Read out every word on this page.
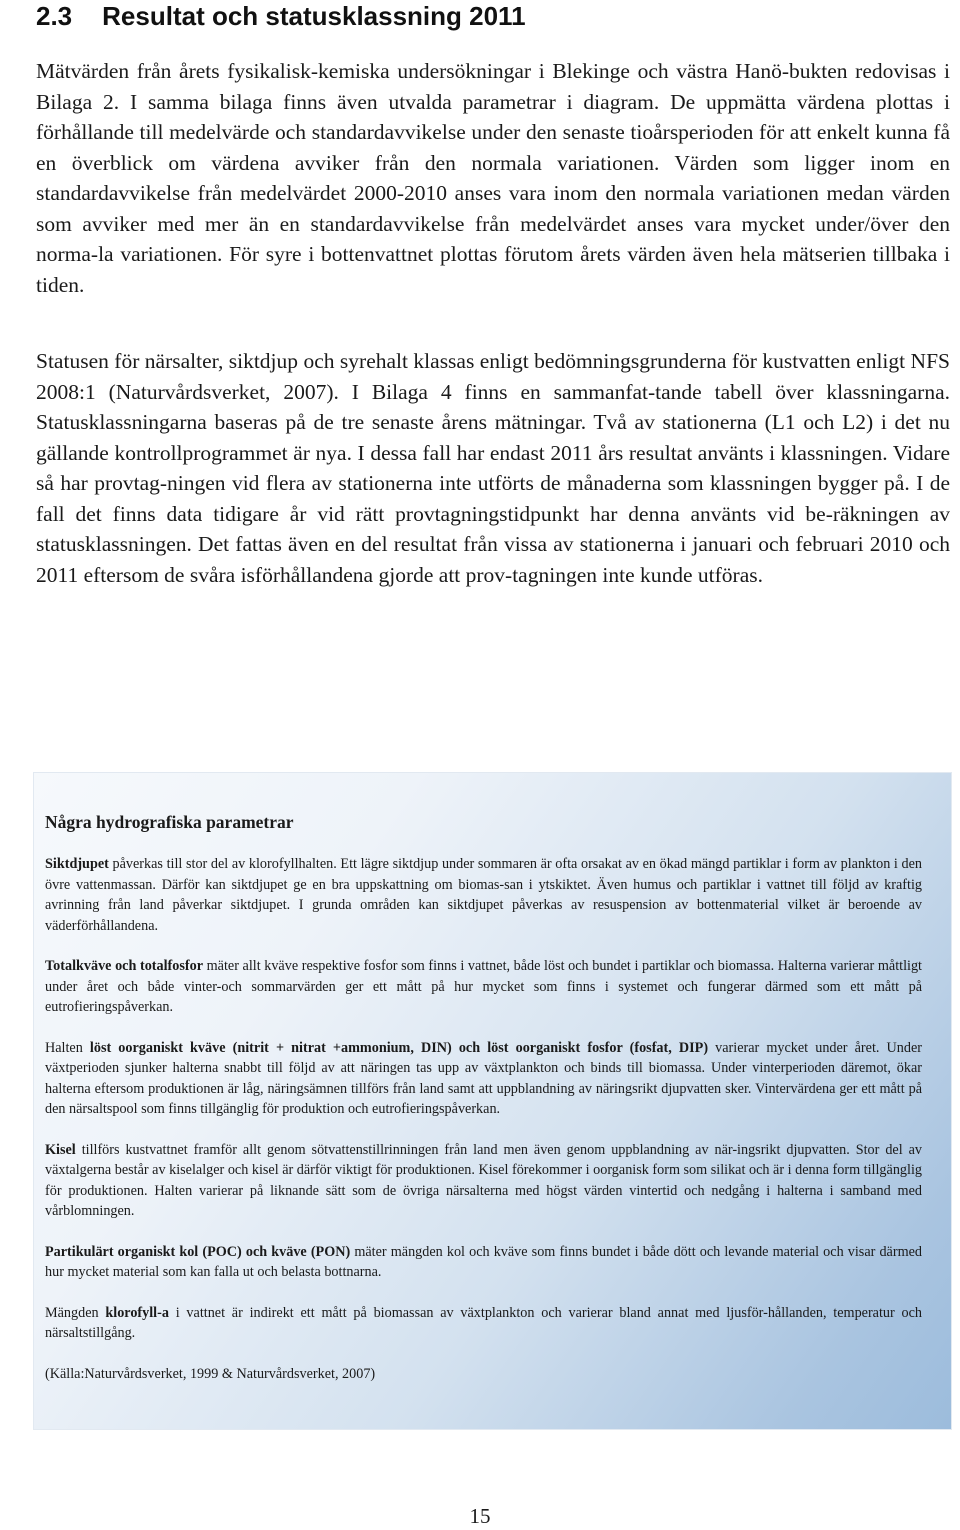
2.3 Resultat och statusklassning 2011

Mätvärden från årets fysikalisk-kemiska undersökningar i Blekinge och västra Hanö-bukten redovisas i Bilaga 2. I samma bilaga finns även utvalda parametrar i diagram. De uppmätta värdena plottas i förhållande till medelvärde och standardavvikelse under den senaste tioårsperioden för att enkelt kunna få en överblick om värdena avviker från den normala variationen. Värden som ligger inom en standardavvikelse från medelvärdet 2000-2010 anses vara inom den normala variationen medan värden som avviker med mer än en standardavvikelse från medelvärdet anses vara mycket under/över den norma-la variationen. För syre i bottenvattnet plottas förutom årets värden även hela mätserien tillbaka i tiden.

Statusen för närsalter, siktdjup och syrehalt klassas enligt bedömningsgrunderna för kustvatten enligt NFS 2008:1 (Naturvårdsverket, 2007). I Bilaga 4 finns en sammanfat-tande tabell över klassningarna. Statusklassningarna baseras på de tre senaste årens mätningar. Två av stationerna (L1 och L2) i det nu gällande kontrollprogrammet är nya. I dessa fall har endast 2011 års resultat använts i klassningen. Vidare så har provtag-ningen vid flera av stationerna inte utförts de månaderna som klassningen bygger på. I de fall det finns data tidigare år vid rätt provtagningstidpunkt har denna använts vid be-räkningen av statusklassningen. Det fattas även en del resultat från vissa av stationerna i januari och februari 2010 och 2011 eftersom de svåra isförhållandena gjorde att prov-tagningen inte kunde utföras.

Några hydrografiska parametrar

Siktdjupet påverkas till stor del av klorofyllhalten. Ett lägre siktdjup under sommaren är ofta orsakat av en ökad mängd partiklar i form av plankton i den övre vattenmassan. Därför kan siktdjupet ge en bra uppskattning om biomas-san i ytskiktet. Även humus och partiklar i vattnet till följd av kraftig avrinning från land påverkar siktdjupet. I grunda områden kan siktdjupet påverkas av resuspension av bottenmaterial vilket är beroende av väderförhållandena.

Totalkväve och totalfosfor mäter allt kväve respektive fosfor som finns i vattnet, både löst och bundet i partiklar och biomassa. Halterna varierar måttligt under året och både vinter-och sommarvärden ger ett mått på hur mycket som finns i systemet och fungerar därmed som ett mått på eutrofieringspåverkan.

Halten löst oorganiskt kväve (nitrit + nitrat +ammonium, DIN) och löst oorganiskt fosfor (fosfat, DIP) varierar mycket under året. Under växtperioden sjunker halterna snabbt till följd av att näringen tas upp av växtplankton och binds till biomassa. Under vinterperioden däremot, ökar halterna eftersom produktionen är låg, näringsämnen tillförs från land samt att uppblandning av näringsrikt djupvatten sker. Vintervärdena ger ett mått på den närsaltspool som finns tillgänglig för produktion och eutrofieringspåverkan.

Kisel tillförs kustvattnet framför allt genom sötvattenstillrinningen från land men även genom uppblandning av när-ingsrikt djupvatten. Stor del av växtalgerna består av kiselalger och kisel är därför viktigt för produktionen. Kisel förekommer i oorganisk form som silikat och är i denna form tillgänglig för produktionen. Halten varierar på liknande sätt som de övriga närsalterna med högst värden vintertid och nedgång i halterna i samband med vårblomningen.

Partikulärt organiskt kol (POC) och kväve (PON) mäter mängden kol och kväve som finns bundet i både dött och levande material och visar därmed hur mycket material som kan falla ut och belasta bottnarna.

Mängden klorofyll-a i vattnet är indirekt ett mått på biomassan av växtplankton och varierar bland annat med ljusför-hållanden, temperatur och närsaltstillgång.

(Källa:Naturvårdsverket, 1999 & Naturvårdsverket, 2007)

15
